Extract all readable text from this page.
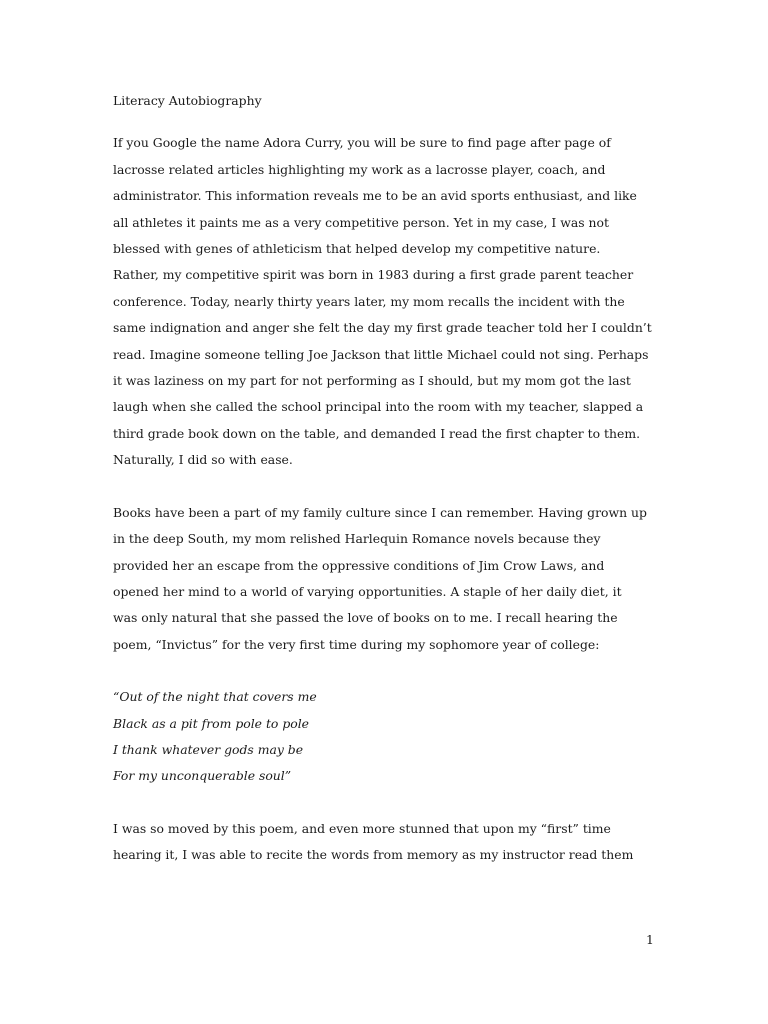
Literacy Autobiography
If you Google the name Adora Curry, you will be sure to find page after page of
lacrosse related articles highlighting my work as a lacrosse player, coach, and
administrator. This information reveals me to be an avid sports enthusiast, and like
all athletes it paints me as a very competitive person. Yet in my case, I was not
blessed with genes of athleticism that helped develop my competitive nature.
Rather, my competitive spirit was born in 1983 during a first grade parent teacher
conference. Today, nearly thirty years later, my mom recalls the incident with the
same indignation and anger she felt the day my first grade teacher told her I couldn’t
read. Imagine someone telling Joe Jackson that little Michael could not sing. Perhaps
it was laziness on my part for not performing as I should, but my mom got the last
laugh when she called the school principal into the room with my teacher, slapped a
third grade book down on the table, and demanded I read the first chapter to them.
Naturally, I did so with ease.
Books have been a part of my family culture since I can remember. Having grown up
in the deep South, my mom relished Harlequin Romance novels because they
provided her an escape from the oppressive conditions of Jim Crow Laws, and
opened her mind to a world of varying opportunities. A staple of her daily diet, it
was only natural that she passed the love of books on to me. I recall hearing the
poem, “Invictus” for the very first time during my sophomore year of college:
“Out of the night that covers me
Black as a pit from pole to pole
I thank whatever gods may be
For my unconquerable soul”
I was so moved by this poem, and even more stunned that upon my “first” time
hearing it, I was able to recite the words from memory as my instructor read them
1
